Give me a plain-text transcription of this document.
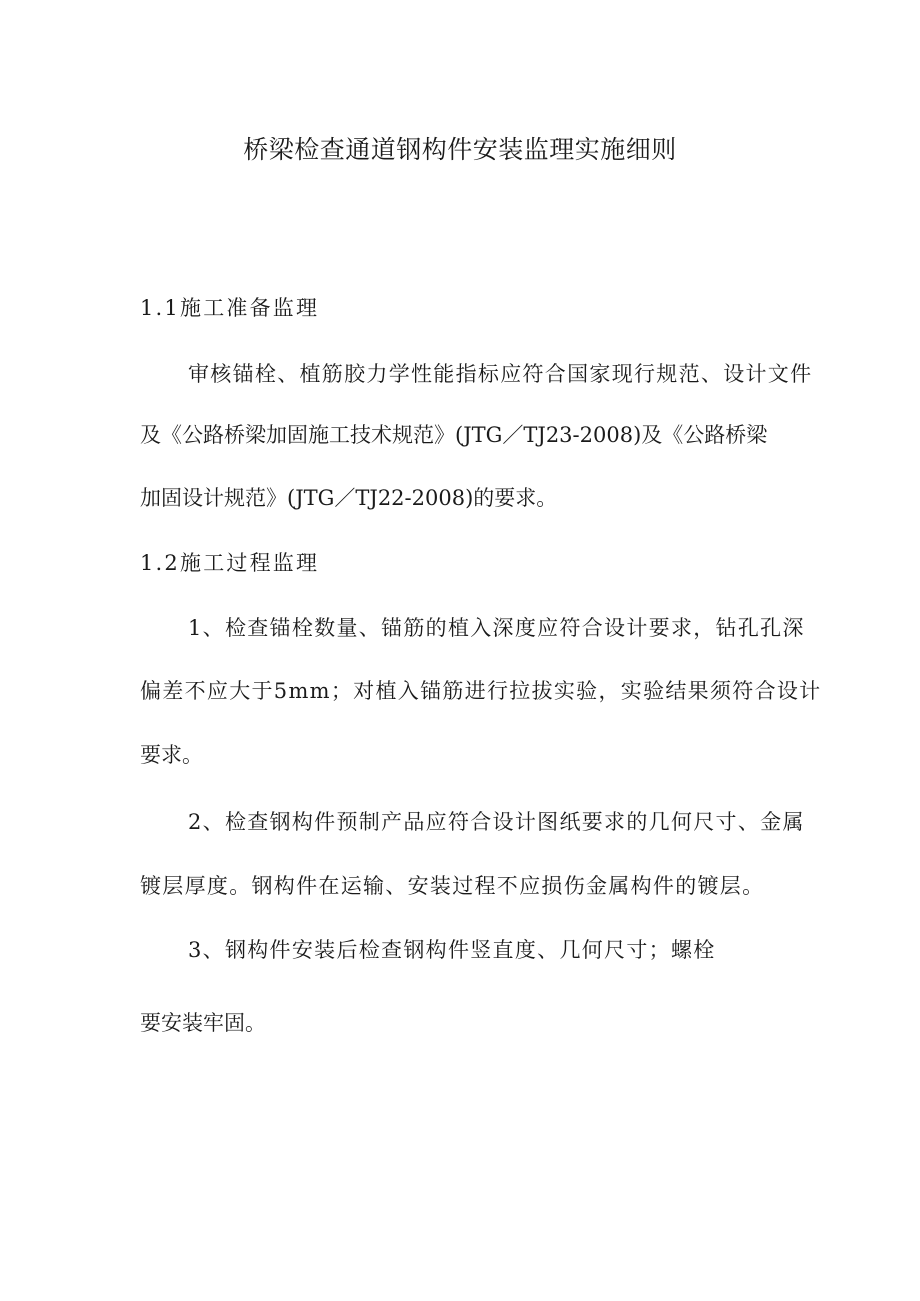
桥梁检查通道钢构件安装监理实施细则
1.1施工准备监理
审核锚栓、植筋胶力学性能指标应符合国家现行规范、设计文件
及《公路桥梁加固施工技术规范》(JTG／TJ23-2008)及《公路桥梁
加固设计规范》(JTG／TJ22-2008)的要求。
1.2施工过程监理
1、检查锚栓数量、锚筋的植入深度应符合设计要求，钻孔孔深
偏差不应大于5mm；对植入锚筋进行拉拔实验，实验结果须符合设计
要求。
2、检查钢构件预制产品应符合设计图纸要求的几何尺寸、金属
镀层厚度。钢构件在运输、安装过程不应损伤金属构件的镀层。
3、钢构件安装后检查钢构件竖直度、几何尺寸；螺栓
要安装牢固。
